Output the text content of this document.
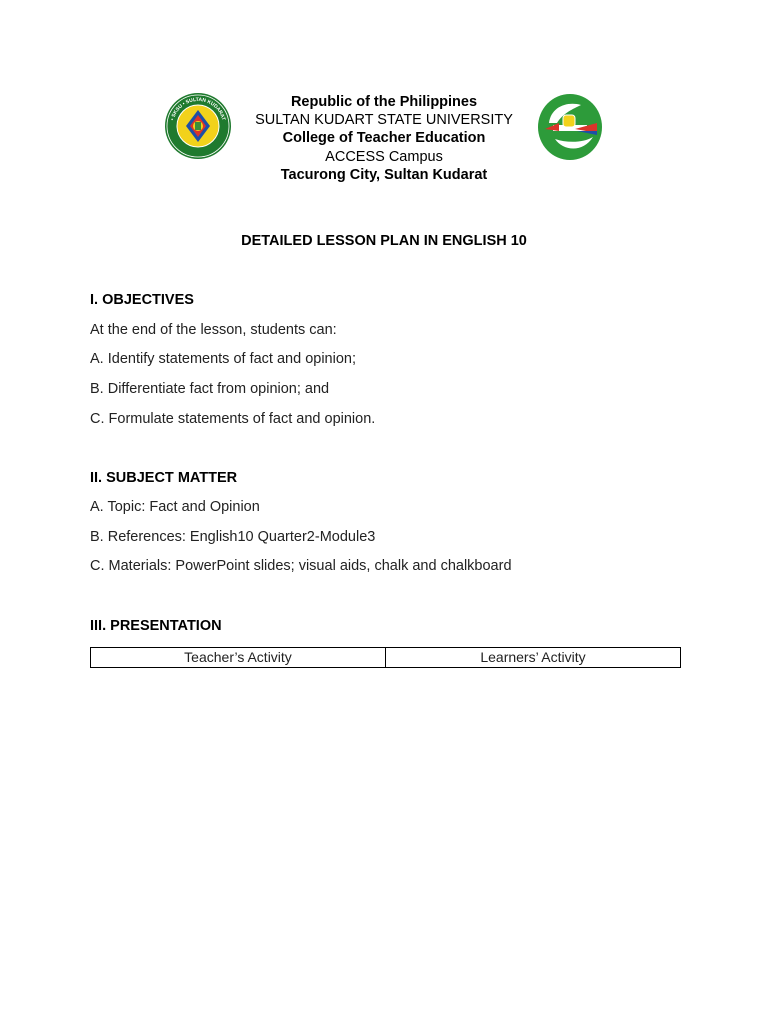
• SKSU • SULTAN KUDARAT
Republic of the Philippines
SULTAN KUDART STATE UNIVERSITY
College of Teacher Education
ACCESS Campus
Tacurong City, Sultan Kudarat
DETAILED LESSON PLAN IN ENGLISH 10
I. OBJECTIVES
At the end of the lesson, students can:
A. Identify statements of fact and opinion;
B. Differentiate fact from opinion; and
C. Formulate statements of fact and opinion.
II. SUBJECT MATTER
A. Topic: Fact and Opinion
B. References: English10 Quarter2-Module3
C. Materials: PowerPoint slides; visual aids, chalk and chalkboard
III. PRESENTATION
Teacher’s Activity	Learners’ Activity
